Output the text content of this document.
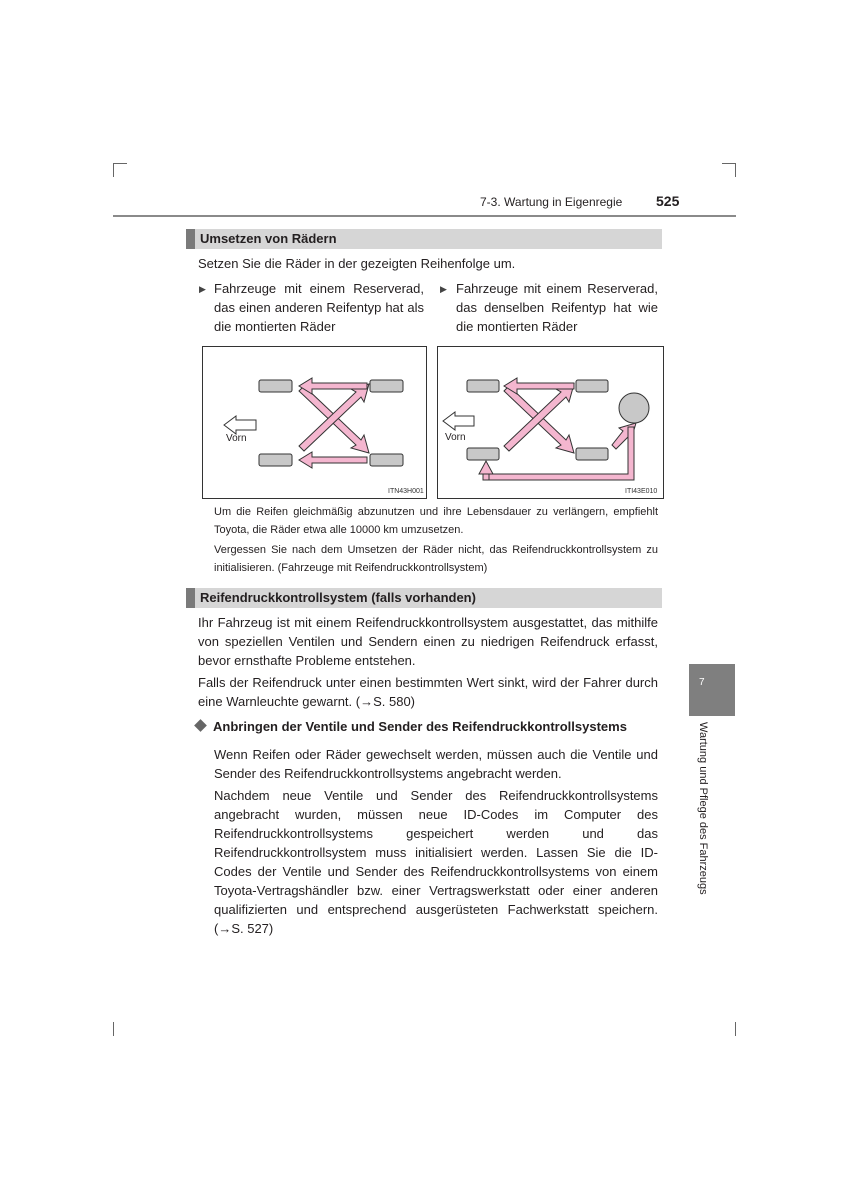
7-3. Wartung in Eigenregie 525
Umsetzen von Rädern
Setzen Sie die Räder in der gezeigten Reihenfolge um.
▶ Fahrzeuge mit einem Reserverad, das einen anderen Reifentyp hat als die montierten Räder
▶ Fahrzeuge mit einem Reserverad, das denselben Reifentyp hat wie die montierten Räder
Vorn
ITN43H001
Vorn
ITI43E010
Um die Reifen gleichmäßig abzunutzen und ihre Lebensdauer zu verlängern, empfiehlt Toyota, die Räder etwa alle 10000 km umzusetzen.
Vergessen Sie nach dem Umsetzen der Räder nicht, das Reifendruckkontrollsystem zu initialisieren. (Fahrzeuge mit Reifendruckkontrollsystem)
Reifendruckkontrollsystem (falls vorhanden)
Ihr Fahrzeug ist mit einem Reifendruckkontrollsystem ausgestattet, das mithilfe von speziellen Ventilen und Sendern einen zu niedrigen Reifendruck erfasst, bevor ernsthafte Probleme entstehen.
Falls der Reifendruck unter einen bestimmten Wert sinkt, wird der Fahrer durch eine Warnleuchte gewarnt. (→S. 580)
Anbringen der Ventile und Sender des Reifendruckkontrollsystems
Wenn Reifen oder Räder gewechselt werden, müssen auch die Ventile und Sender des Reifendruckkontrollsystems angebracht werden.
Nachdem neue Ventile und Sender des Reifendruckkontrollsystems angebracht wurden, müssen neue ID-Codes im Computer des Reifendruckkontrollsystems gespeichert werden und das Reifendruckkontrollsystem muss initialisiert werden. Lassen Sie die ID-Codes der Ventile und Sender des Reifendruckkontrollsystems von einem Toyota-Vertragshändler bzw. einer Vertragswerkstatt oder einer anderen qualifizierten und entsprechend ausgerüsteten Fachwerkstatt speichern. (→S. 527)
7
Wartung und Pflege des Fahrzeugs
